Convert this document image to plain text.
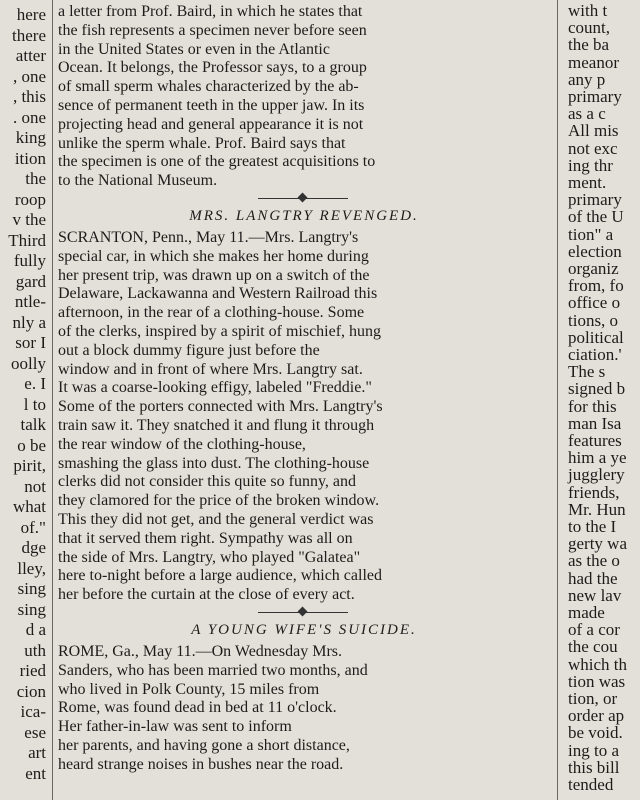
here
there
atter
, one
, this
. one
king
ition
the
roop
v the
Third
fully
gard
ntle-
nly a
sor I
oolly
e. I
l to
talk
o be
pirit,
not
what
of."
dge
lley,
sing
sing
d a
uth
ried
cion
ica-
ese
art
ent
a letter from Prof. Baird, in which he states that
the fish represents a specimen never before seen
in the United States or even in the Atlantic
Ocean. It belongs, the Professor says, to a group
of small sperm whales characterized by the ab-
sence of permanent teeth in the upper jaw. In its
projecting head and general appearance it is not
unlike the sperm whale. Prof. Baird says that
the specimen is one of the greatest acquisitions to
to the National Museum.
MRS. LANGTRY REVENGED.
SCRANTON, Penn., May 11.—Mrs. Langtry's
special car, in which she makes her home during
her present trip, was drawn up on a switch of the
Delaware, Lackawanna and Western Railroad this
afternoon, in the rear of a clothing-house. Some
of the clerks, inspired by a spirit of mischief, hung
out a block dummy figure just before the
window and in front of where Mrs. Langtry sat.
It was a coarse-looking effigy, labeled "Freddie."
Some of the porters connected with Mrs. Langtry's
train saw it. They snatched it and flung it through
the rear window of the clothing-house,
smashing the glass into dust. The clothing-house
clerks did not consider this quite so funny, and
they clamored for the price of the broken window.
This they did not get, and the general verdict was
that it served them right. Sympathy was all on
the side of Mrs. Langtry, who played "Galatea"
here to-night before a large audience, which called
her before the curtain at the close of every act.
A YOUNG WIFE'S SUICIDE.
ROME, Ga., May 11.—On Wednesday Mrs.
Sanders, who has been married two months, and
who lived in Polk County, 15 miles from
Rome, was found dead in bed at 11 o'clock.
Her father-in-law was sent to inform
her parents, and having gone a short distance,
heard strange noises in bushes near the road.
with t
count,
the ba
meanor
any p
primary
as a c
All mis
not exc
ing thr
ment.
primary
of the U
tion" a
election
organiz
from, fo
office o
tions, o
political
ciation.'
The s
signed b
for this
man Isa
features
him a ye
jugglery
friends,
Mr. Hun
to the I
gerty wa
as the o
had the
new lav
made
of a cor
the cou
which th
tion was
tion, or
order ap
be void.
ing to a
this bill
tended
